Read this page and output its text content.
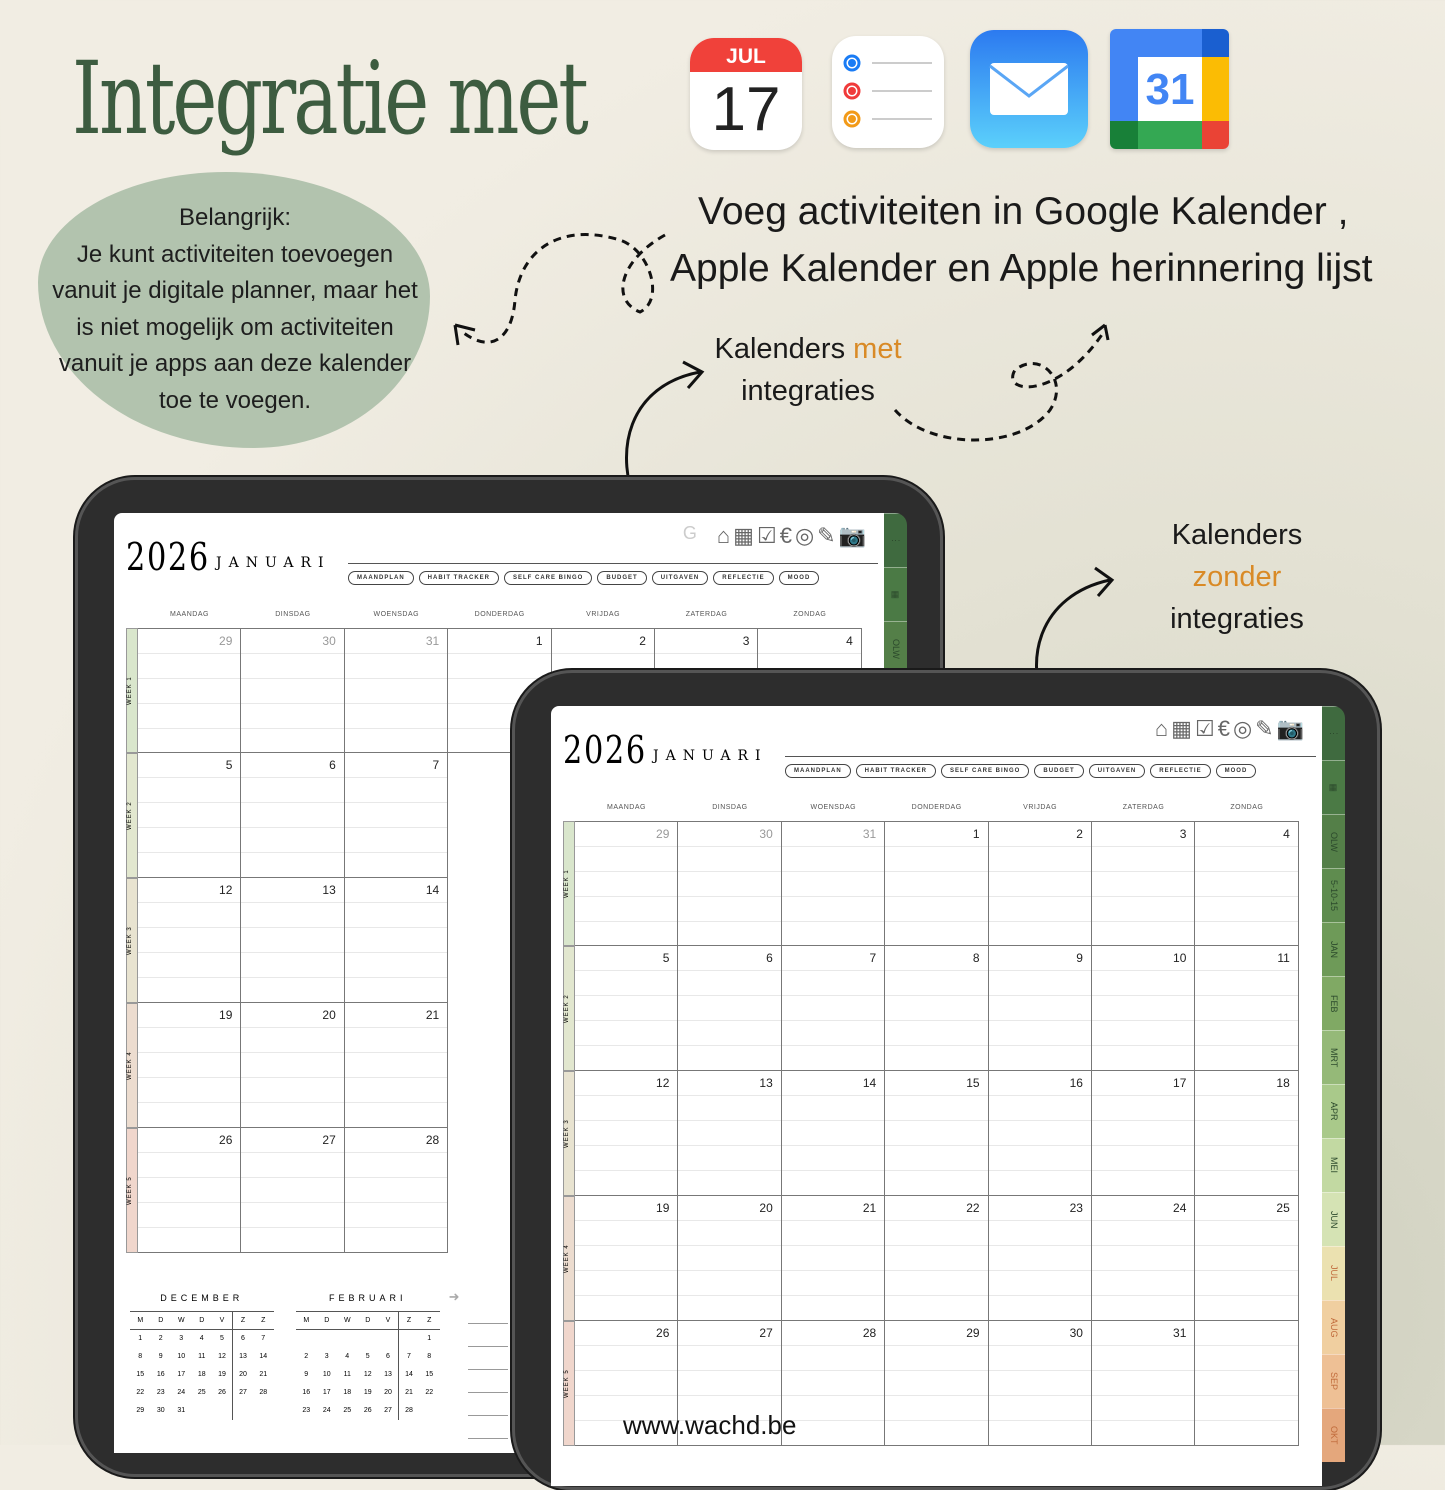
Integratie met	JUL
17	31
Belangrijk:
Je kunt activiteiten toevoegen vanuit je digitale planner, maar het is niet mogelijk om activiteiten vanuit je apps aan deze kalender toe te voegen.
Voeg activiteiten in Google Kalender ,
Apple Kalender en Apple herinnering lijst
Kalenders met
integraties
Kalenders
zonder
integraties
2026 JANUARI
G ⌂ ▦ ☑ € ◎ ✎ 📷
MAANDPLAN	HABIT TRACKER	SELF CARE BINGO	BUDGET	UITGAVEN	REFLECTIE	MOOD
MAANDAG	DINSDAG	WOENSDAG	DONDERDAG	VRIJDAG	ZATERDAG	ZONDAG
WEEK 1
29	30	31	1	2	3	4
WEEK 2
5	6	7
WEEK 3
12	13	14
WEEK 4
19	20	21
WEEK 5
26	27	28
DECEMBER
M	D	W	D	V	Z	Z
1	2	3	4	5	6	7
8	9	10	11	12	13	14
15	16	17	18	19	20	21
22	23	24	25	26	27	28
29	30	31				
FEBRUARI
M	D	W	D	V	Z	Z
						1
2	3	4	5	6	7	8
9	10	11	12	13	14	15
16	17	18	19	20	21	22
23	24	25	26	27	28	
➜
⋮
▦
OLW
2026 JANUARI
⌂ ▦ ☑ € ◎ ✎ 📷
MAANDPLAN	HABIT TRACKER	SELF CARE BINGO	BUDGET	UITGAVEN	REFLECTIE	MOOD
MAANDAG	DINSDAG	WOENSDAG	DONDERDAG	VRIJDAG	ZATERDAG	ZONDAG
WEEK 1
29	30	31	1	2	3	4
WEEK 2
5	6	7	8	9	10	11
WEEK 3
12	13	14	15	16	17	18
WEEK 4
19	20	21	22	23	24	25
WEEK 5
26	27	28	29	30	31
⋮
▦
OLW
5-10-15
JAN
FEB
MRT
APR
MEI
JUN
JUL
AUG
SEP
OKT
www.wachd.be
